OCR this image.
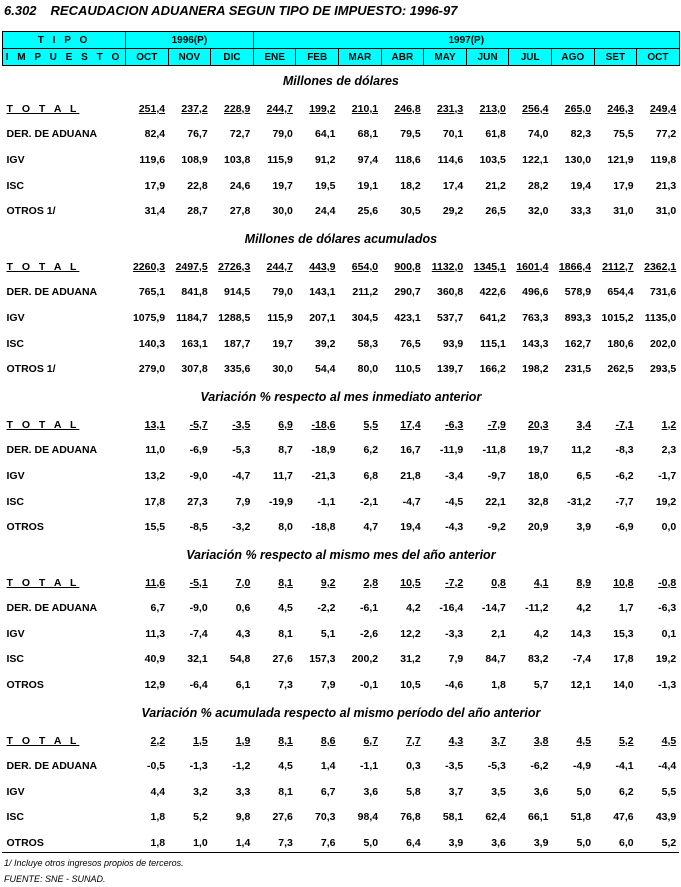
6.302 RECAUDACION ADUANERA SEGUN TIPO DE IMPUESTO: 1996-97
T I P O	1996(P)			1997(P)									
I M P U E S T O	OCT	NOV	DIC	ENE	FEB	MAR	ABR	MAY	JUN	JUL	AGO	SET	OCT
Millones de dólares													
T O T A L	251,4	237,2	228,9	244,7	199,2	210,1	246,8	231,3	213,0	256,4	265,0	246,3	249,4
DER. DE ADUANA	82,4	76,7	72,7	79,0	64,1	68,1	79,5	70,1	61,8	74,0	82,3	75,5	77,2
IGV	119,6	108,9	103,8	115,9	91,2	97,4	118,6	114,6	103,5	122,1	130,0	121,9	119,8
ISC	17,9	22,8	24,6	19,7	19,5	19,1	18,2	17,4	21,2	28,2	19,4	17,9	21,3
OTROS 1/	31,4	28,7	27,8	30,0	24,4	25,6	30,5	29,2	26,5	32,0	33,3	31,0	31,0
Millones de dólares acumulados													
T O T A L	2260,3	2497,5	2726,3	244,7	443,9	654,0	900,8	1132,0	1345,1	1601,4	1866,4	2112,7	2362,1
DER. DE ADUANA	765,1	841,8	914,5	79,0	143,1	211,2	290,7	360,8	422,6	496,6	578,9	654,4	731,6
IGV	1075,9	1184,7	1288,5	115,9	207,1	304,5	423,1	537,7	641,2	763,3	893,3	1015,2	1135,0
ISC	140,3	163,1	187,7	19,7	39,2	58,3	76,5	93,9	115,1	143,3	162,7	180,6	202,0
OTROS 1/	279,0	307,8	335,6	30,0	54,4	80,0	110,5	139,7	166,2	198,2	231,5	262,5	293,5
Variación % respecto al mes inmediato anterior													
T O T A L	13,1	-5,7	-3,5	6,9	-18,6	5,5	17,4	-6,3	-7,9	20,3	3,4	-7,1	1,2
DER. DE ADUANA	11,0	-6,9	-5,3	8,7	-18,9	6,2	16,7	-11,9	-11,8	19,7	11,2	-8,3	2,3
IGV	13,2	-9,0	-4,7	11,7	-21,3	6,8	21,8	-3,4	-9,7	18,0	6,5	-6,2	-1,7
ISC	17,8	27,3	7,9	-19,9	-1,1	-2,1	-4,7	-4,5	22,1	32,8	-31,2	-7,7	19,2
OTROS	15,5	-8,5	-3,2	8,0	-18,8	4,7	19,4	-4,3	-9,2	20,9	3,9	-6,9	0,0
Variación % respecto al mismo mes del año anterior													
T O T A L	11,6	-5,1	7,0	8,1	9,2	2,8	10,5	-7,2	0,8	4,1	8,9	10,8	-0,8
DER. DE ADUANA	6,7	-9,0	0,6	4,5	-2,2	-6,1	4,2	-16,4	-14,7	-11,2	4,2	1,7	-6,3
IGV	11,3	-7,4	4,3	8,1	5,1	-2,6	12,2	-3,3	2,1	4,2	14,3	15,3	0,1
ISC	40,9	32,1	54,8	27,6	157,3	200,2	31,2	7,9	84,7	83,2	-7,4	17,8	19,2
OTROS	12,9	-6,4	6,1	7,3	7,9	-0,1	10,5	-4,6	1,8	5,7	12,1	14,0	-1,3
Variación % acumulada respecto al mismo período del año anterior													
T O T A L	2,2	1,5	1,9	8,1	8,6	6,7	7,7	4,3	3,7	3,8	4,5	5,2	4,5
DER. DE ADUANA	-0,5	-1,3	-1,2	4,5	1,4	-1,1	0,3	-3,5	-5,3	-6,2	-4,9	-4,1	-4,4
IGV	4,4	3,2	3,3	8,1	6,7	3,6	5,8	3,7	3,5	3,6	5,0	6,2	5,5
ISC	1,8	5,2	9,8	27,6	70,3	98,4	76,8	58,1	62,4	66,1	51,8	47,6	43,9
OTROS	1,8	1,0	1,4	7,3	7,6	5,0	6,4	3,9	3,6	3,9	5,0	6,0	5,2
1/ Incluye otros ingresos propios de terceros.
FUENTE: SNE - SUNAD.
